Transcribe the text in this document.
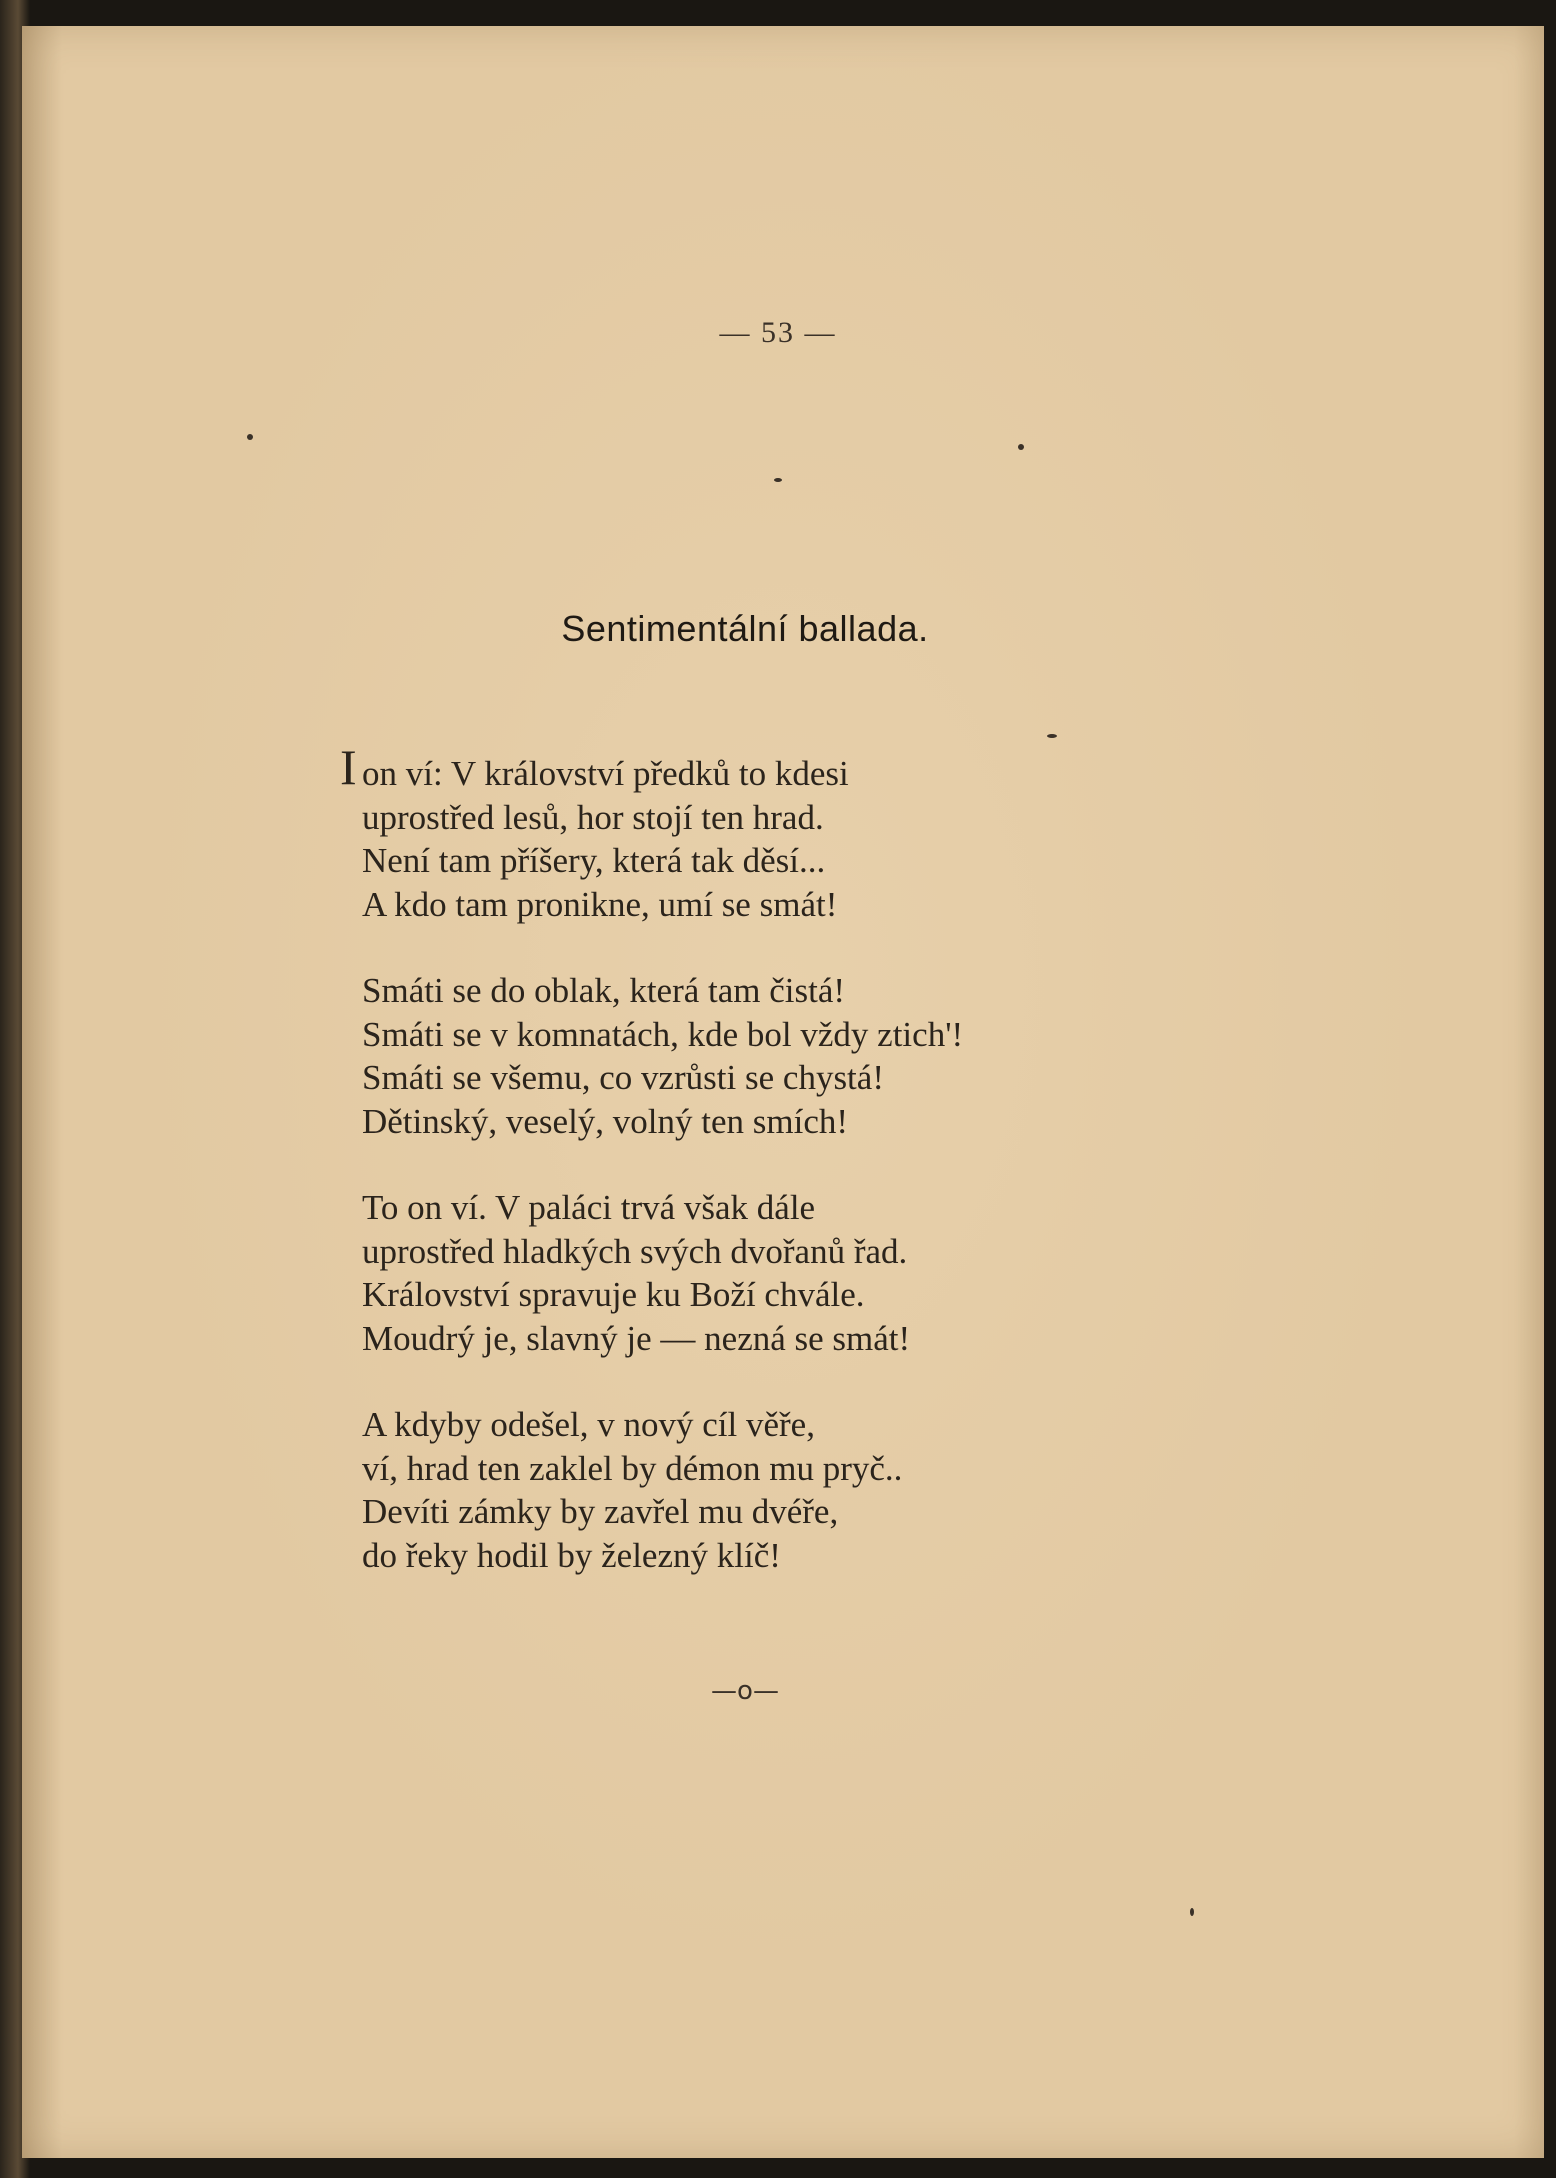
— 53 —
Sentimentální ballada.
I on ví: V království předků to kdesi
uprostřed lesů, hor stojí ten hrad.
Není tam příšery, která tak děsí...
A kdo tam pronikne, umí se smát!
Smáti se do oblak, která tam čistá!
Smáti se v komnatách, kde bol vždy ztich'!
Smáti se všemu, co vzrůsti se chystá!
Dětinský, veselý, volný ten smích!
To on ví. V paláci trvá však dále
uprostřed hladkých svých dvořanů řad.
Království spravuje ku Boží chvále.
Moudrý je, slavný je — nezná se smát!
A kdyby odešel, v nový cíl věře,
ví, hrad ten zaklel by démon mu pryč..
Devíti zámky by zavřel mu dvéře,
do řeky hodil by železný klíč!
—o—
